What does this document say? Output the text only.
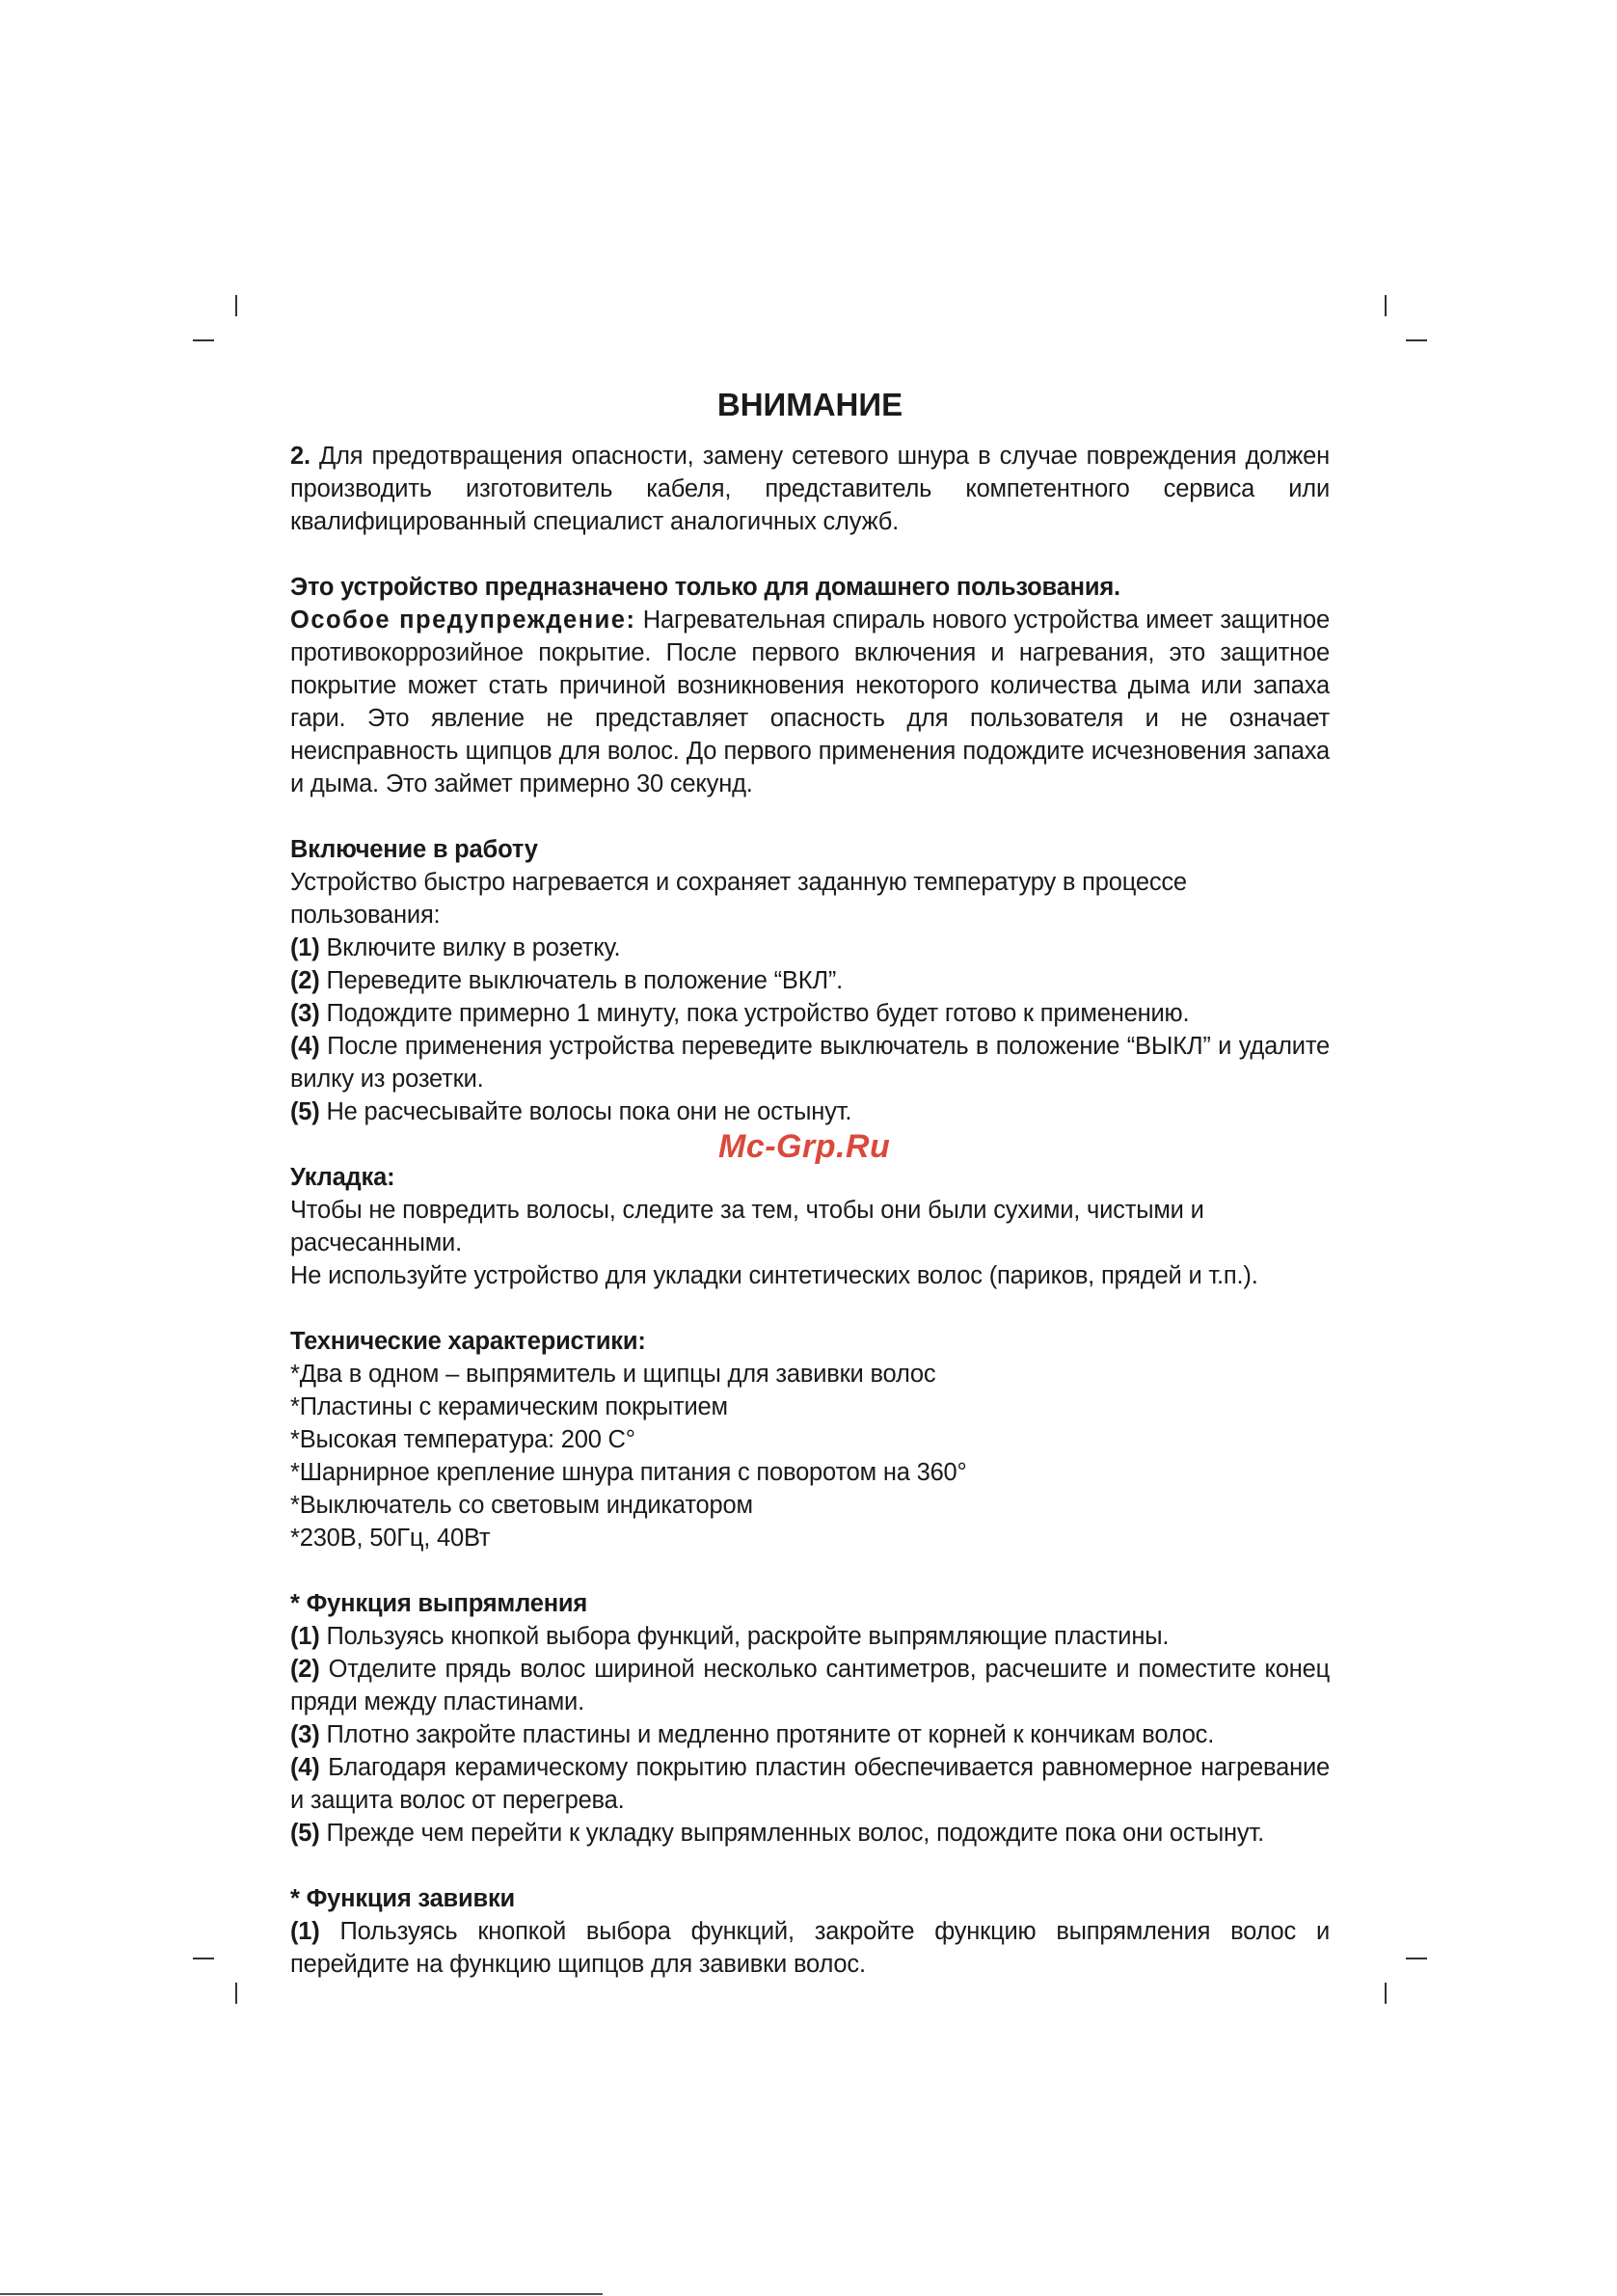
ВНИМАНИЕ

2. Для предотвращения опасности, замену сетевого шнура в случае повреждения должен производить изготовитель кабеля, представитель компетентного сервиса или квалифицированный специалист аналогичных служб.

Это устройство предназначено только для домашнего пользования.

Особое предупреждение: Нагревательная спираль нового устройства имеет защитное противокоррозийное покрытие. После первого включения и нагревания, это защитное покрытие может стать причиной возникновения некоторого количества дыма или запаха гари. Это явление не представляет опасность для пользователя и не означает неисправность щипцов для волос. До первого применения подождите исчезновения запаха и дыма. Это займет примерно 30 секунд.

Включение в работу

Устройство быстро нагревается и сохраняет заданную температуру в процессе пользования:

(1) Включите вилку в розетку.

(2) Переведите выключатель в положение “ВКЛ”.

(3) Подождите примерно 1 минуту, пока устройство будет готово к применению.

(4) После применения устройства переведите выключатель в положение “ВЫКЛ” и удалите вилку из розетки.

(5) Не расчесывайте волосы пока они не остынут.

Укладка:

Чтобы не повредить волосы, следите за тем, чтобы они были сухими, чистыми и расчесанными.

Не используйте устройство для укладки синтетических волос (париков, прядей и т.п.).

Технические характеристики:

*Два в одном – выпрямитель и щипцы для завивки волос

*Пластины с керамическим покрытием

*Высокая температура: 200 С°

*Шарнирное крепление шнура питания с поворотом на 360°

*Выключатель со световым индикатором

*230В, 50Гц, 40Вт

* Функция выпрямления

(1) Пользуясь кнопкой выбора функций, раскройте выпрямляющие пластины.

(2) Отделите прядь волос шириной несколько сантиметров, расчешите и поместите конец пряди между пластинами.

(3) Плотно закройте пластины и медленно протяните от корней к кончикам волос.

(4) Благодаря керамическому покрытию пластин обеспечивается равномерное нагревание и защита волос от перегрева.

(5) Прежде чем перейти к укладку выпрямленных волос, подождите пока они остынут.

* Функция завивки

(1) Пользуясь кнопкой выбора функций, закройте функцию выпрямления волос и перейдите на функцию щипцов для завивки волос.

Mc-Grp.Ru
